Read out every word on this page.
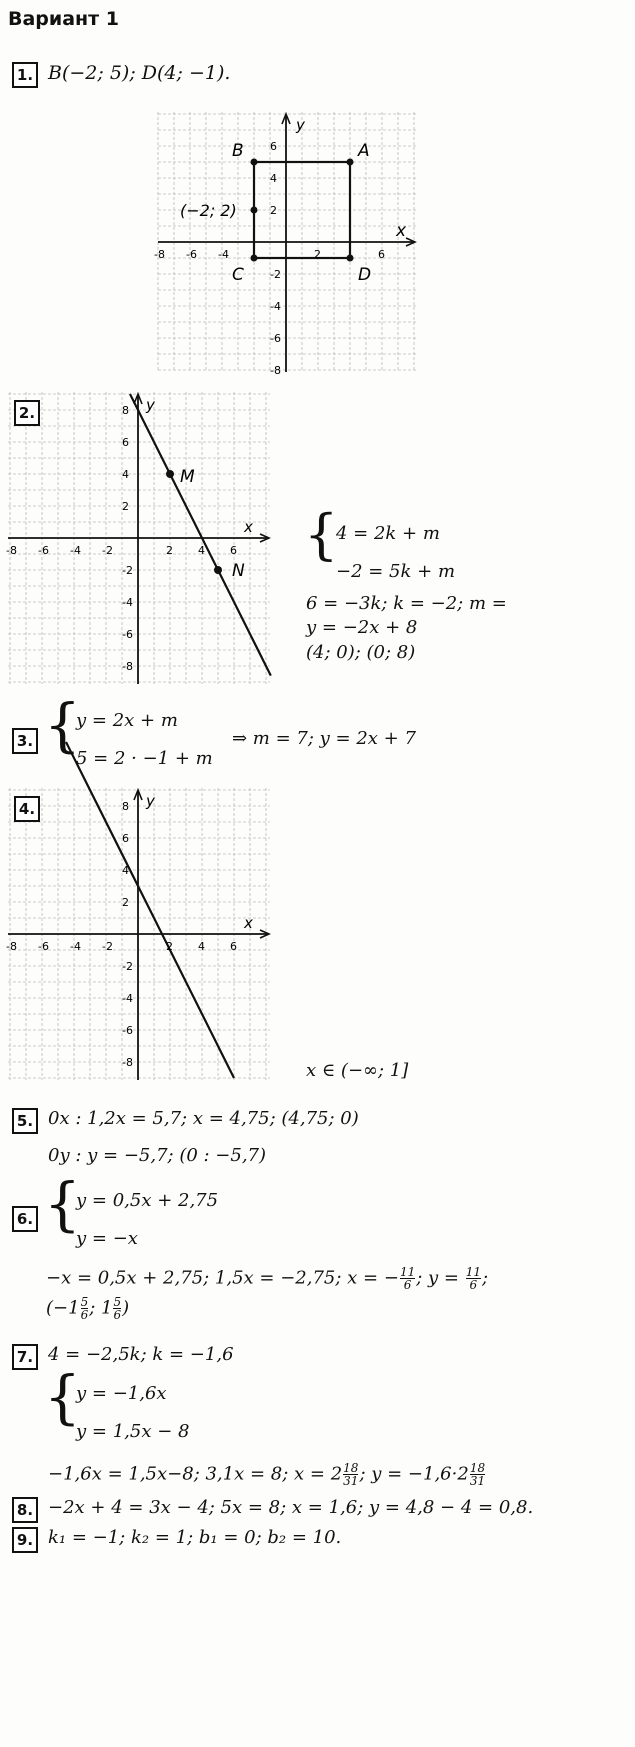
Вариант 1
1. B(−2; 5); D(4; −1).
-8 -6 -4	2	6
6
4
2
-2
-4
-6
-8
x
y
A
B
C	D
(−2; 2)
-8 -6 -4 -2	2 4 6
8
6
4
2
-2
-4
-6
-8
x
y
M
N
2.
{
4 = 2k + m
−2 = 5k + m
6 = −3k; k = −2; m =
y = −2x + 8
(4; 0); (0; 8)
3. {
y = 2x + m
5 = 2 · −1 + m
⇒ m = 7; y = 2x + 7
-8 -6 -4 -2	2 4 6
8
6
4
2
-2
-4
-6
-8
x
y
4.
x ∈ (−∞; 1]
5. 0x : 1,2x = 5,7; x = 4,75; (4,75; 0)
0y : y = −5,7; (0 : −5,7)
6. {
y = 0,5x + 2,75
y = −x
−x = 0,5x + 2,75; 1,5x = −2,75; x = − $\frac{11}{6}$ ; $y = \frac{11}{6}$ ;
($-1 \frac{5}{6}$ ; $1 \frac{5}{6}$ )
7. 4 = −2,5k; k = −1,6
{
y = −1,6x
y = 1,5x − 8
−1,6x = 1,5x−8; 3,1x = 8; $x = 2 \frac{18}{31}$ ; $y = -1,6\cdot 2 \frac{18}{31}$
8. −2x + 4 = 3x − 4; 5x = 8; x = 1,6; y = 4,8 − 4 = 0,8.
9. k₁ = −1; k₂ = 1; b₁ = 0; b₂ = 10.
